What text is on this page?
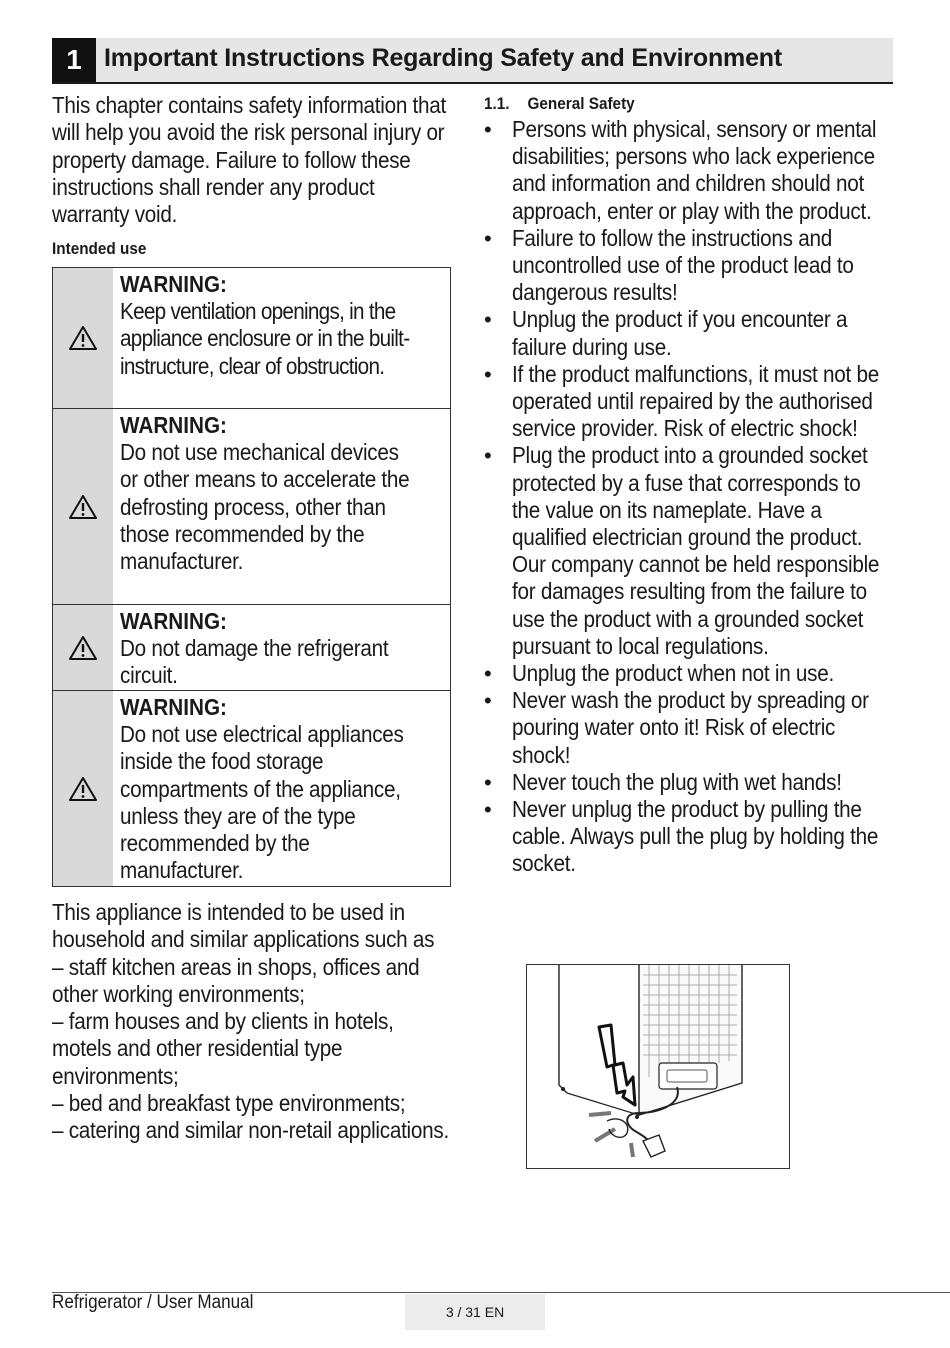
1 Important Instructions Regarding Safety and Environment

This chapter contains safety information that will help you avoid the risk personal injury or property damage. Failure to follow these instructions shall render any product warranty void.

Intended use

WARNING:
Keep ventilation openings, in the appliance enclosure or in the built-instructure, clear of obstruction.
WARNING:
Do not use mechanical devices or other means to accelerate the defrosting process, other than those recommended by the manufacturer.
WARNING:
Do not damage the refrigerant circuit.
WARNING:
Do not use electrical appliances inside the food storage compartments of the appliance, unless they are of the type recommended by the manufacturer.
This appliance is intended to be used in household and similar applications such as
– staff kitchen areas in shops, offices and other working environments;
– farm houses and by clients in hotels, motels and other residential type environments;
– bed and breakfast type environments;
– catering and similar non-retail applications.
1.1. General Safety
• Persons with physical, sensory or mental disabilities; persons who lack experience and information and children should not approach, enter or play with the product.
• Failure to follow the instructions and uncontrolled use of the product lead to dangerous results!
• Unplug the product if you encounter a failure during use.
• If the product malfunctions, it must not be operated until repaired by the authorised service provider. Risk of electric shock!
• Plug the product into a grounded socket protected by a fuse that corresponds to the value on its nameplate. Have a qualified electrician ground the product. Our company cannot be held responsible for damages resulting from the failure to use the product with a grounded socket pursuant to local regulations.
• Unplug the product when not in use.
• Never wash the product by spreading or pouring water onto it! Risk of electric shock!
• Never touch the plug with wet hands!
• Never unplug the product by pulling the cable. Always pull the plug by holding the socket.
Refrigerator / User Manual	3 / 31 EN
